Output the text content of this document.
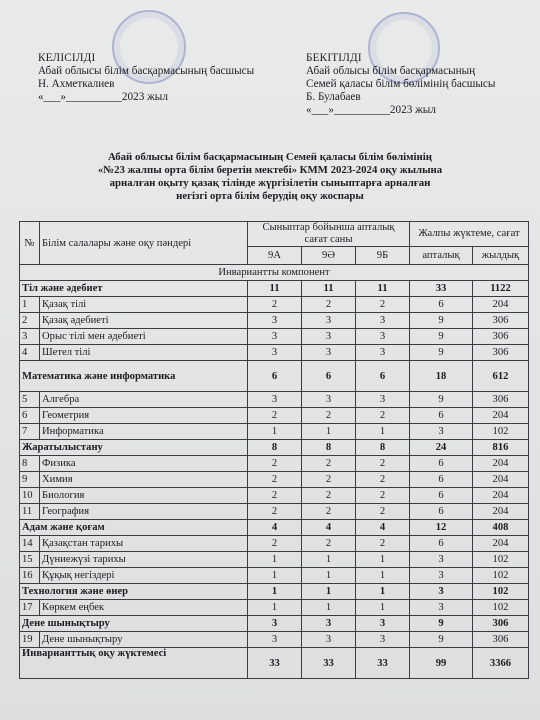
КЕЛІСІЛДІ
Абай облысы білім басқармасының басшысы
Н. Ахметкалиев
«___»__________2023 жыл
БЕКІТІЛДІ
Абай облысы білім басқармасының
Семей қаласы білім бөлімінің басшысы
Б. Булабаев
«___»__________2023 жыл
Абай облысы білім басқармасының Семей қаласы білім бөлімінің
«№23 жалпы орта білім беретін мектебі» КММ 2023-2024 оқу жылына
арналған оқыту қазақ тілінде жүргізілетін сыныптарға арналған
негізгі орта білім берудің оқу жоспары
№	Білім салалары және оқу пәндері	Сыныптар бойынша апталық сағат саны			Жалпы жүктеме, сағат	
		9А	9Ә	9Б	апталық	жылдық
Инвариантты компонент						
Тіл және әдебиет		11	11	11	33	1122
1	Қазақ тілі	2	2	2	6	204
2	Қазақ әдебиеті	3	3	3	9	306
3	Орыс тілі мен әдебиеті	3	3	3	9	306
4	Шетел тілі	3	3	3	9	306
Математика және информатика		6	6	6	18	612
5	Алгебра	3	3	3	9	306
6	Геометрия	2	2	2	6	204
7	Информатика	1	1	1	3	102
Жаратылыстану		8	8	8	24	816
8	Физика	2	2	2	6	204
9	Химия	2	2	2	6	204
10	Биология	2	2	2	6	204
11	География	2	2	2	6	204
Адам және қоғам		4	4	4	12	408
14	Қазақстан тарихы	2	2	2	6	204
15	Дүниежүзі тарихы	1	1	1	3	102
16	Құқық негіздері	1	1	1	3	102
Технология және өнер		1	1	1	3	102
17	Көркем еңбек	1	1	1	3	102
Дене шынықтыру		3	3	3	9	306
19	Дене шынықтыру	3	3	3	9	306
Инварианттық оқу жүктемесі		33	33	33	99	3366
